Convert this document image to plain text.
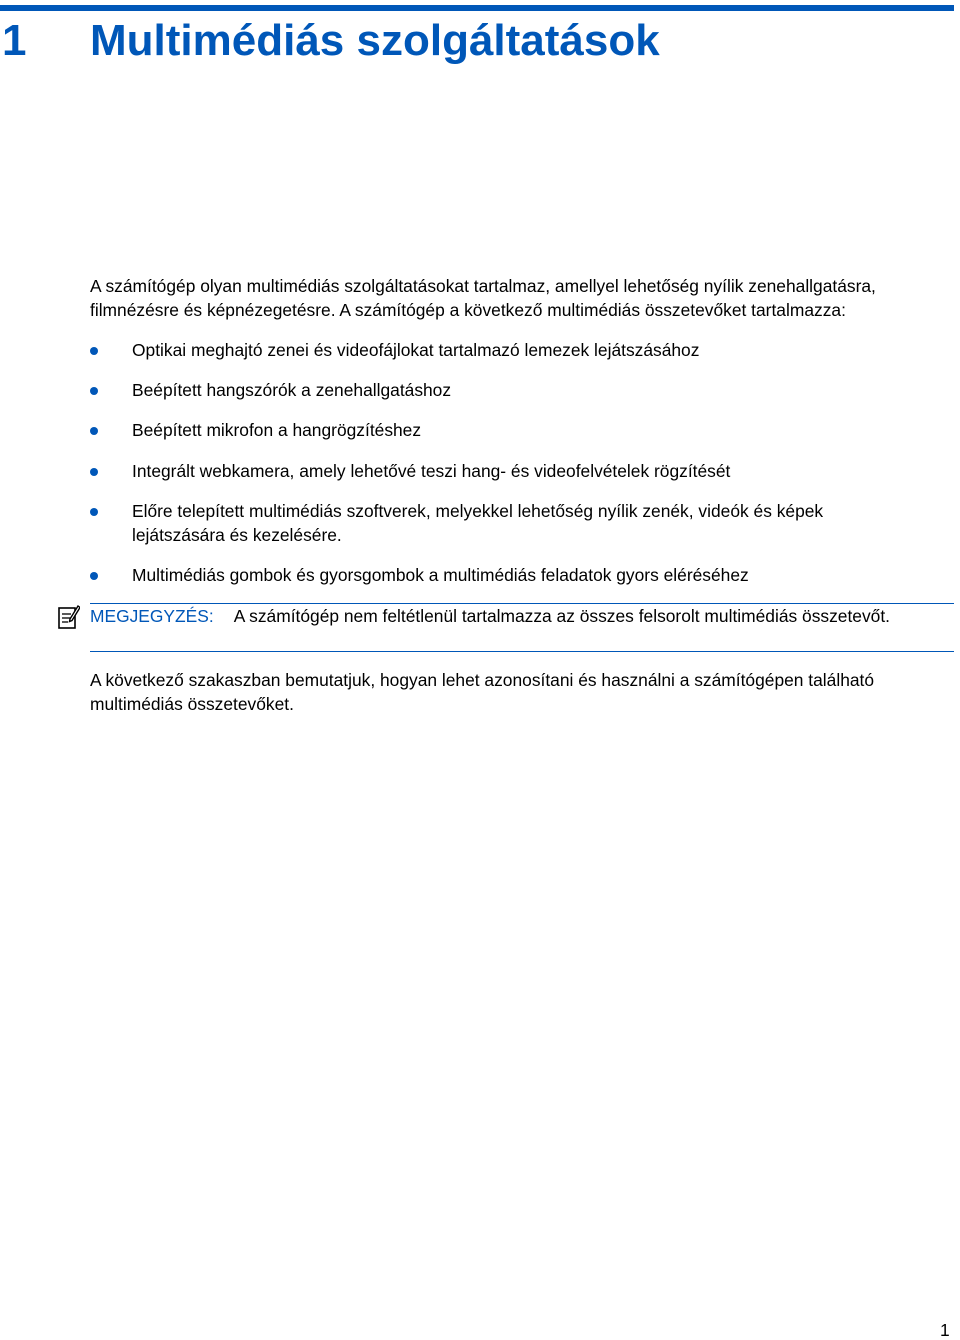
1 Multimédiás szolgáltatások

A számítógép olyan multimédiás szolgáltatásokat tartalmaz, amellyel lehetőség nyílik zenehallgatásra, filmnézésre és képnézegetésre. A számítógép a következő multimédiás összetevőket tartalmazza:

Optikai meghajtó zenei és videofájlokat tartalmazó lemezek lejátszásához
Beépített hangszórók a zenehallgatáshoz
Beépített mikrofon a hangrögzítéshez
Integrált webkamera, amely lehetővé teszi hang- és videofelvételek rögzítését
Előre telepített multimédiás szoftverek, melyekkel lehetőség nyílik zenék, videók és képek lejátszására és kezelésére.
Multimédiás gombok és gyorsgombok a multimédiás feladatok gyors eléréséhez
MEGJEGYZÉS: A számítógép nem feltétlenül tartalmazza az összes felsorolt multimédiás összetevőt.

A következő szakaszban bemutatjuk, hogyan lehet azonosítani és használni a számítógépen található multimédiás összetevőket.

1
